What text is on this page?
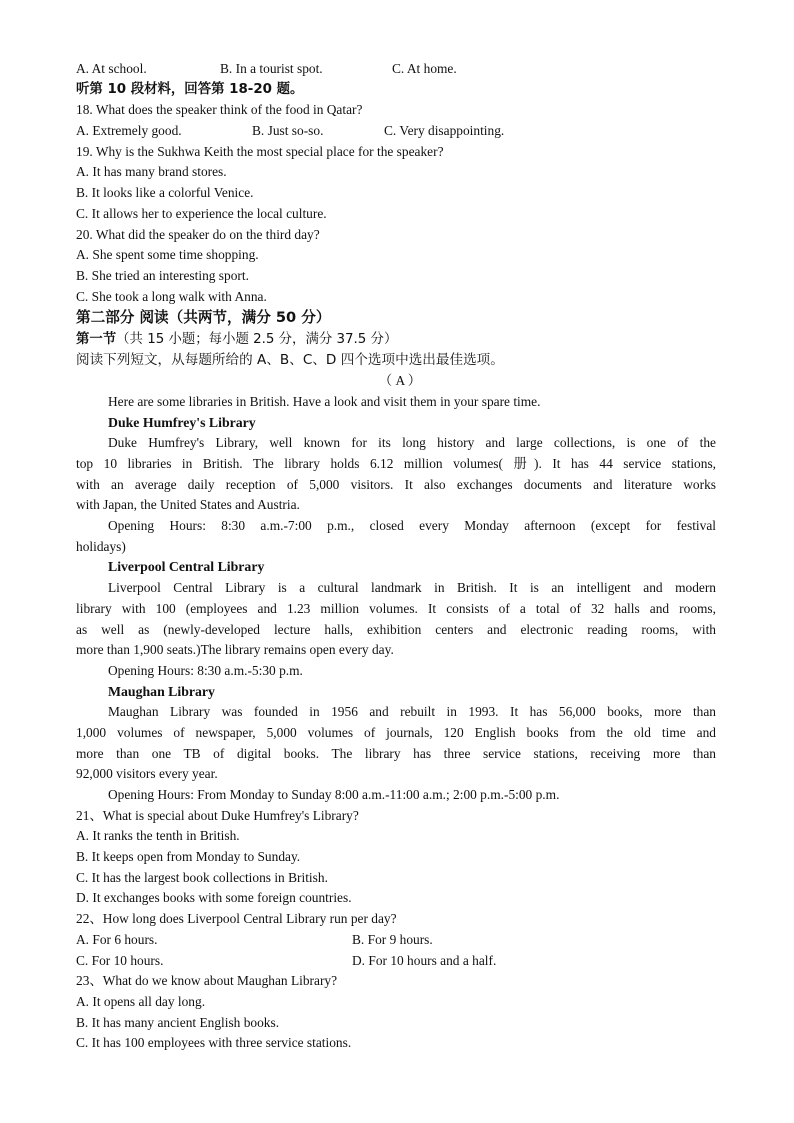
A. At school.	B. In a tourist spot.	C. At home.
听第 10 段材料，回答第 18-20 题。
18. What does the speaker think of the food in Qatar?
A. Extremely good.	B. Just so-so.	C. Very disappointing.
19. Why is the Sukhwa Keith the most special place for the speaker?
A. It has many brand stores.
B. It looks like a colorful Venice.
C. It allows her to experience the local culture.
20. What did the speaker do on the third day?
A. She spent some time shopping.
B. She tried an interesting sport.
C. She took a long walk with Anna.
第二部分 阅读（共两节，满分 50 分）
第一节（共 15 小题；每小题 2.5 分，满分 37.5 分）
阅读下列短文，从每题所给的 A、B、C、D 四个选项中选出最佳选项。
（ A ）
Here are some libraries in British. Have a look and visit them in your spare time.
Duke Humfrey's Library
Duke Humfrey's Library, well known for its long history and large collections, is one of the
top 10 libraries in British. The library holds 6.12 million volumes( 册). It has 44 service stations,
with an average daily reception of 5,000 visitors. It also exchanges documents and literature works
with Japan, the United States and Austria.
Opening Hours: 8:30 a.m.-7:00 p.m., closed every Monday afternoon (except for festival
holidays)
Liverpool Central Library
Liverpool Central Library is a cultural landmark in British. It is an intelligent and modern
library with 100 (employees and 1.23 million volumes. It consists of a total of 32 halls and rooms,
as well as (newly-developed lecture halls, exhibition centers and electronic reading rooms, with
more than 1,900 seats.)The library remains open every day.
Opening Hours: 8:30 a.m.-5:30 p.m.
Maughan Library
Maughan Library was founded in 1956 and rebuilt in 1993. It has 56,000 books, more than
1,000 volumes of newspaper, 5,000 volumes of journals, 120 English books from the old time and
more than one TB of digital books. The library has three service stations, receiving more than
92,000 visitors every year.
Opening Hours: From Monday to Sunday 8:00 a.m.-11:00 a.m.; 2:00 p.m.-5:00 p.m.
21、What is special about Duke Humfrey's Library?
A. It ranks the tenth in British.
B. It keeps open from Monday to Sunday.
C. It has the largest book collections in British.
D. It exchanges books with some foreign countries.
22、How long does Liverpool Central Library run per day?
A. For 6 hours.	B. For 9 hours.
C. For 10 hours.	D. For 10 hours and a half.
23、What do we know about Maughan Library?
A. It opens all day long.
B. It has many ancient English books.
C. It has 100 employees with three service stations.
